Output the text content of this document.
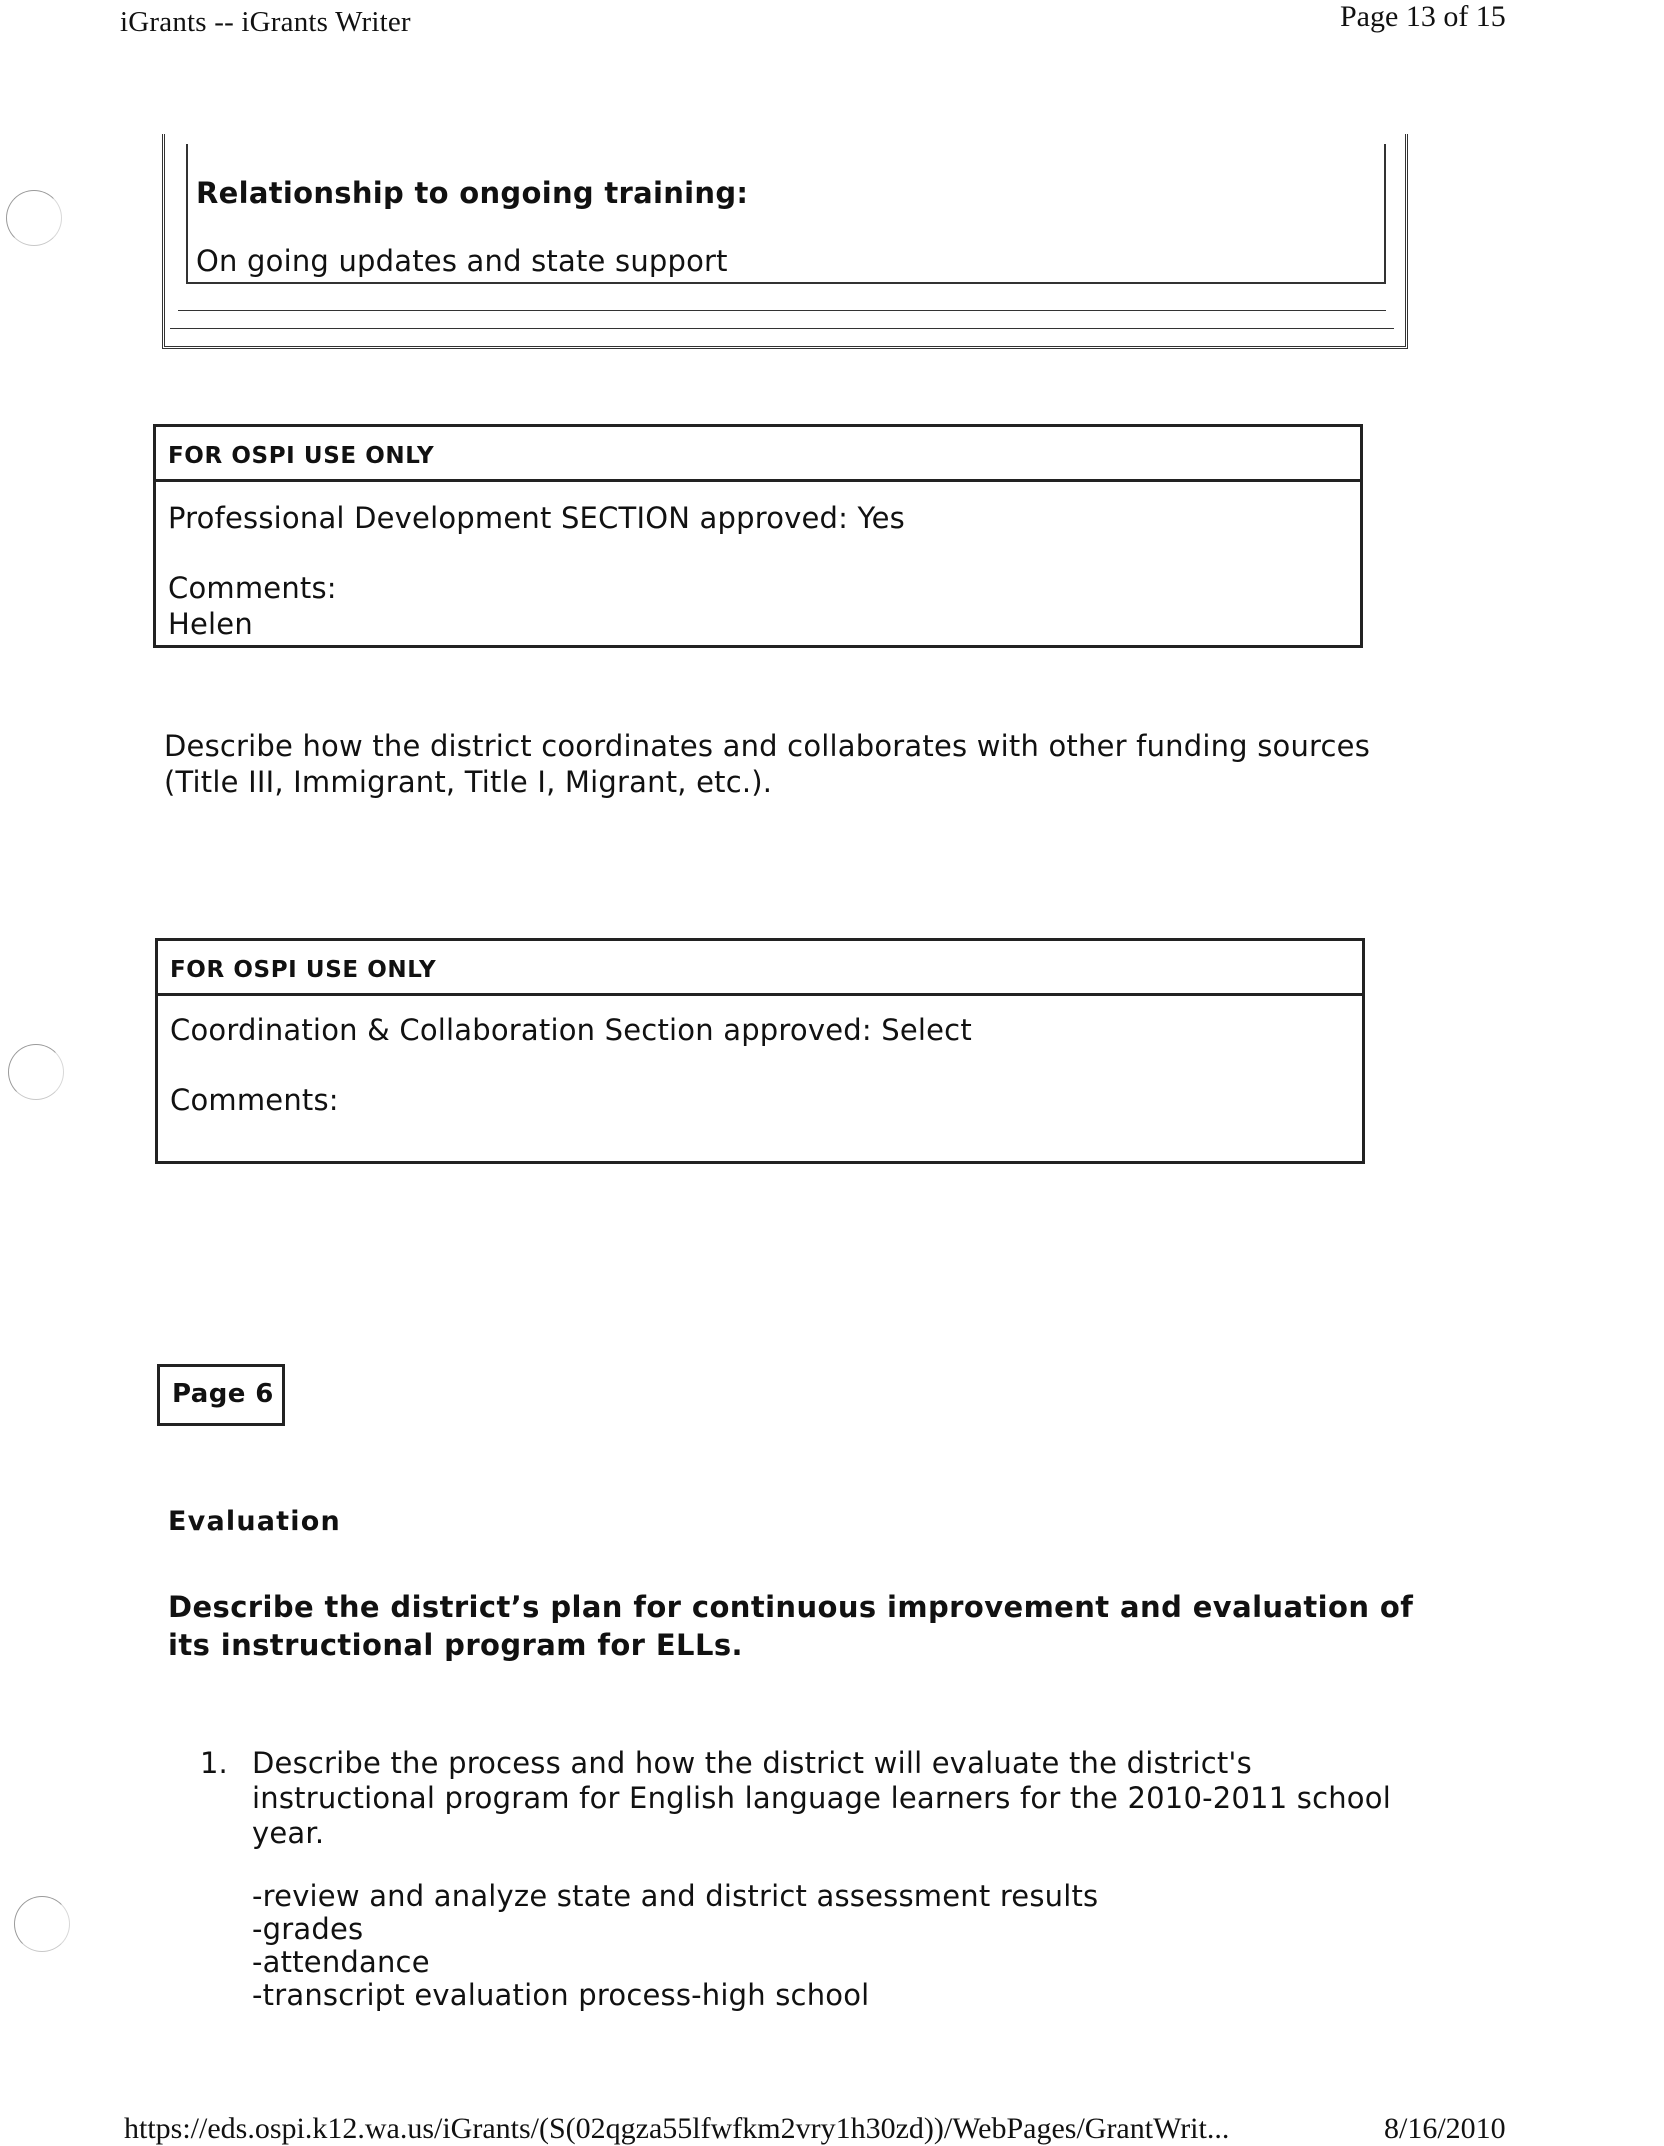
iGrants -- iGrants Writer	Page 13 of 15
Relationship to ongoing training:
On going updates and state support
FOR OSPI USE ONLY
Professional Development SECTION approved: Yes
Comments:
Helen
Describe how the district coordinates and collaborates with other funding sources
(Title III, Immigrant, Title I, Migrant, etc.).
FOR OSPI USE ONLY
Coordination & Collaboration Section approved: Select
Comments:
Page 6
Evaluation
Describe the district’s plan for continuous improvement and evaluation of
its instructional program for ELLs.
1. Describe the process and how the district will evaluate the district's
instructional program for English language learners for the 2010-2011 school
year.
-review and analyze state and district assessment results
-grades
-attendance
-transcript evaluation process-high school
https://eds.ospi.k12.wa.us/iGrants/(S(02qgza55lfwfkm2vry1h30zd))/WebPages/GrantWrit...	8/16/2010
